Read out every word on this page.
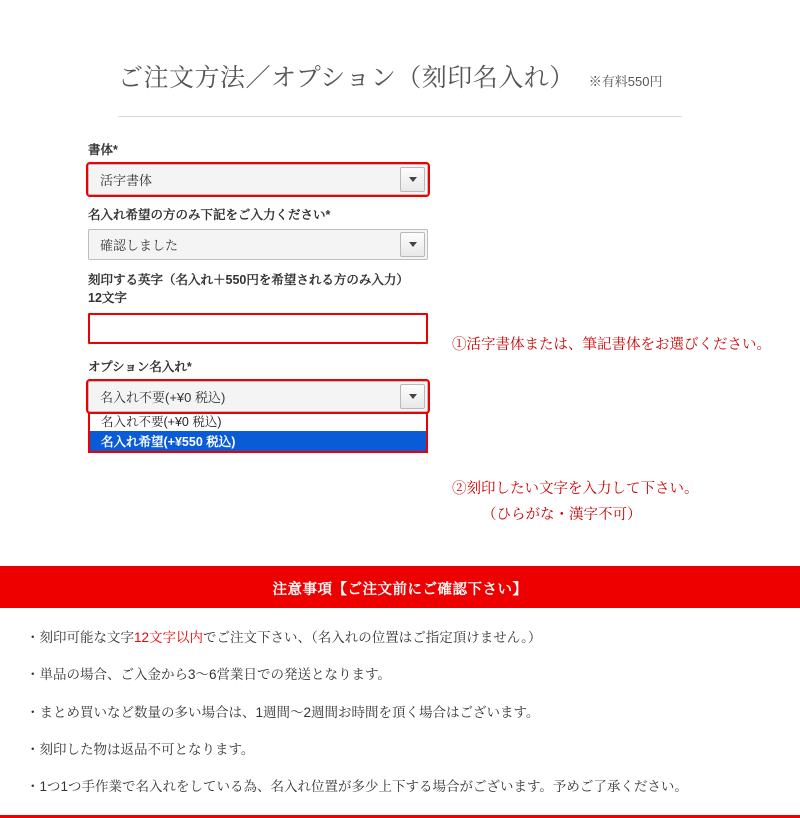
ご注文方法／オプション（刻印名入れ） ※有料550円
書体*
活字書体
名入れ希望の方のみ下記をご入力ください*
確認しました
刻印する英字（名入れ＋550円を希望される方のみ入力）12文字
オプション名入れ*
名入れ不要(+¥0 税込)
名入れ不要(+¥0 税込)
名入れ希望(+¥550 税込)
①活字書体または、筆記書体をお選びください。
②刻印したい文字を入力して下さい。
（ひらがな・漢字不可）
注意事項【ご注文前にご確認下さい】
・刻印可能な文字12文字以内でご注文下さい、（名入れの位置はご指定頂けません。）
・単品の場合、ご入金から3〜6営業日での発送となります。
・まとめ買いなど数量の多い場合は、1週間〜2週間お時間を頂く場合はございます。
・刻印した物は返品不可となります。
・1つ1つ手作業で名入れをしている為、名入れ位置が多少上下する場合がございます。予めご了承ください。
